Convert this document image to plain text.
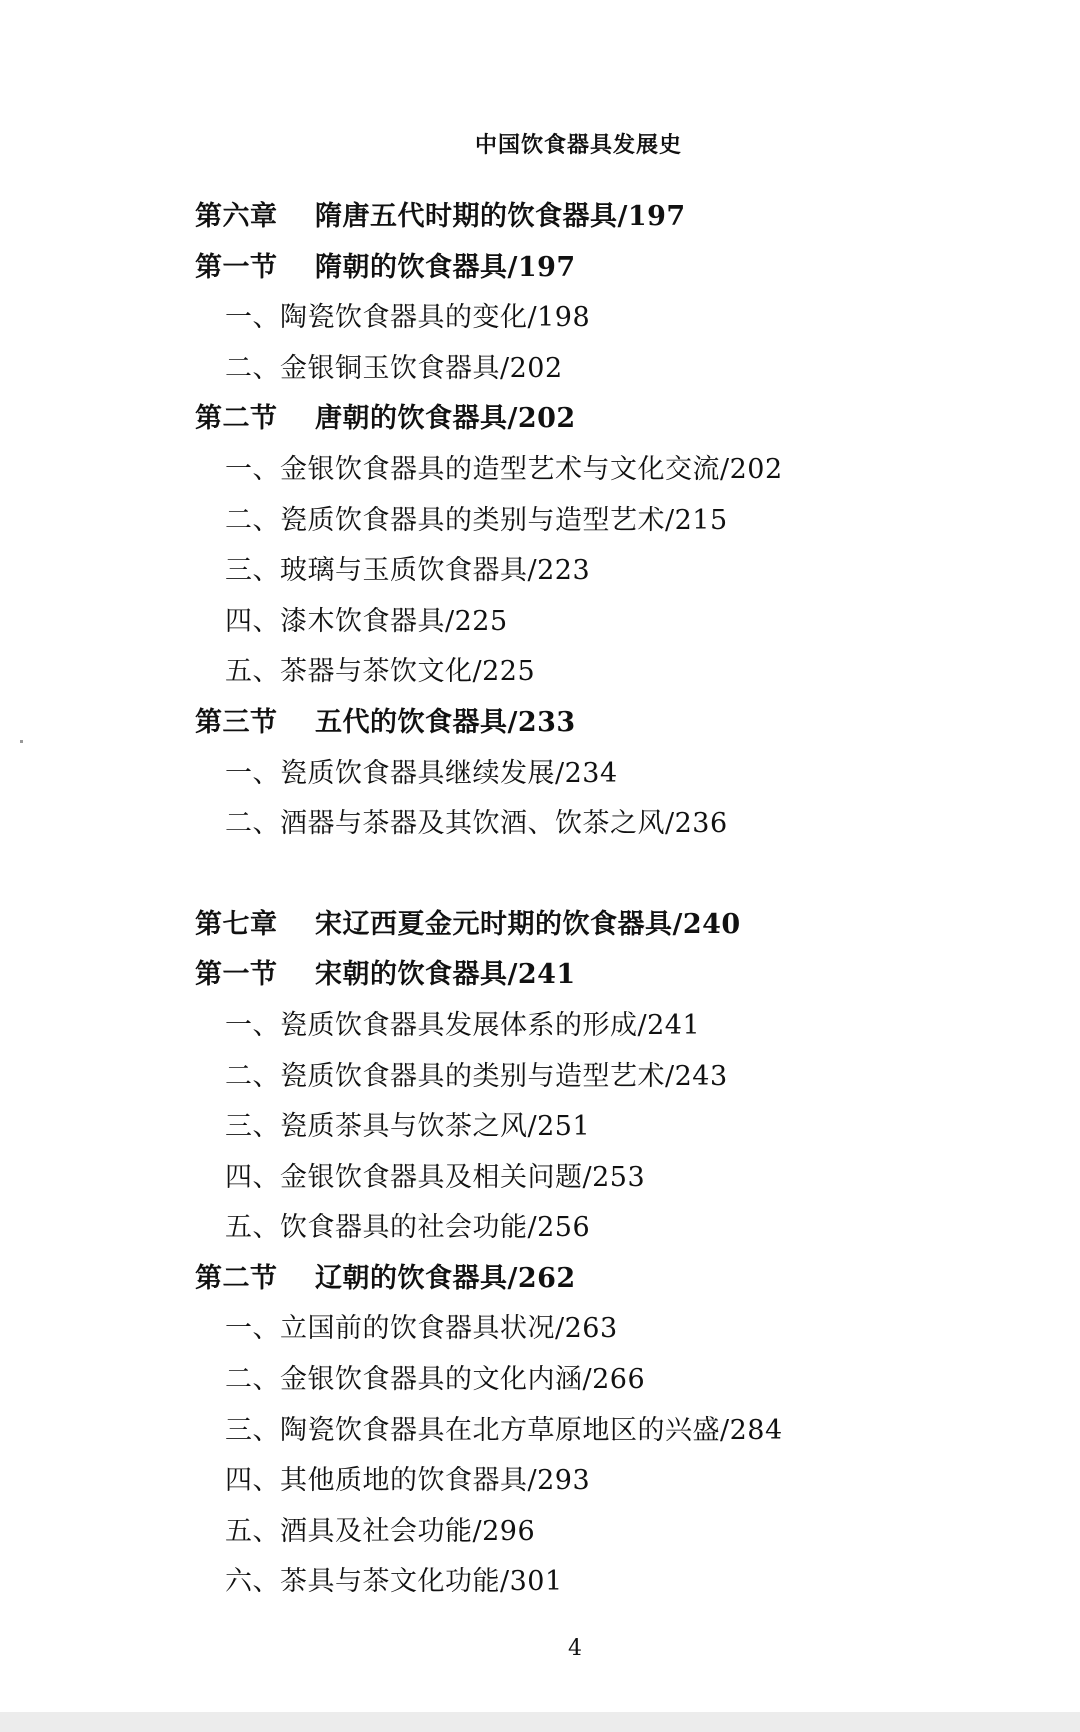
中国饮食器具发展史
第六章 隋唐五代时期的饮食器具/197
第一节 隋朝的饮食器具/197
一、陶瓷饮食器具的变化/198
二、金银铜玉饮食器具/202
第二节 唐朝的饮食器具/202
一、金银饮食器具的造型艺术与文化交流/202
二、瓷质饮食器具的类别与造型艺术/215
三、玻璃与玉质饮食器具/223
四、漆木饮食器具/225
五、茶器与茶饮文化/225
第三节 五代的饮食器具/233
一、瓷质饮食器具继续发展/234
二、酒器与茶器及其饮酒、饮茶之风/236
第七章 宋辽西夏金元时期的饮食器具/240
第一节 宋朝的饮食器具/241
一、瓷质饮食器具发展体系的形成/241
二、瓷质饮食器具的类别与造型艺术/243
三、瓷质茶具与饮茶之风/251
四、金银饮食器具及相关问题/253
五、饮食器具的社会功能/256
第二节 辽朝的饮食器具/262
一、立国前的饮食器具状况/263
二、金银饮食器具的文化内涵/266
三、陶瓷饮食器具在北方草原地区的兴盛/284
四、其他质地的饮食器具/293
五、酒具及社会功能/296
六、茶具与茶文化功能/301
4
